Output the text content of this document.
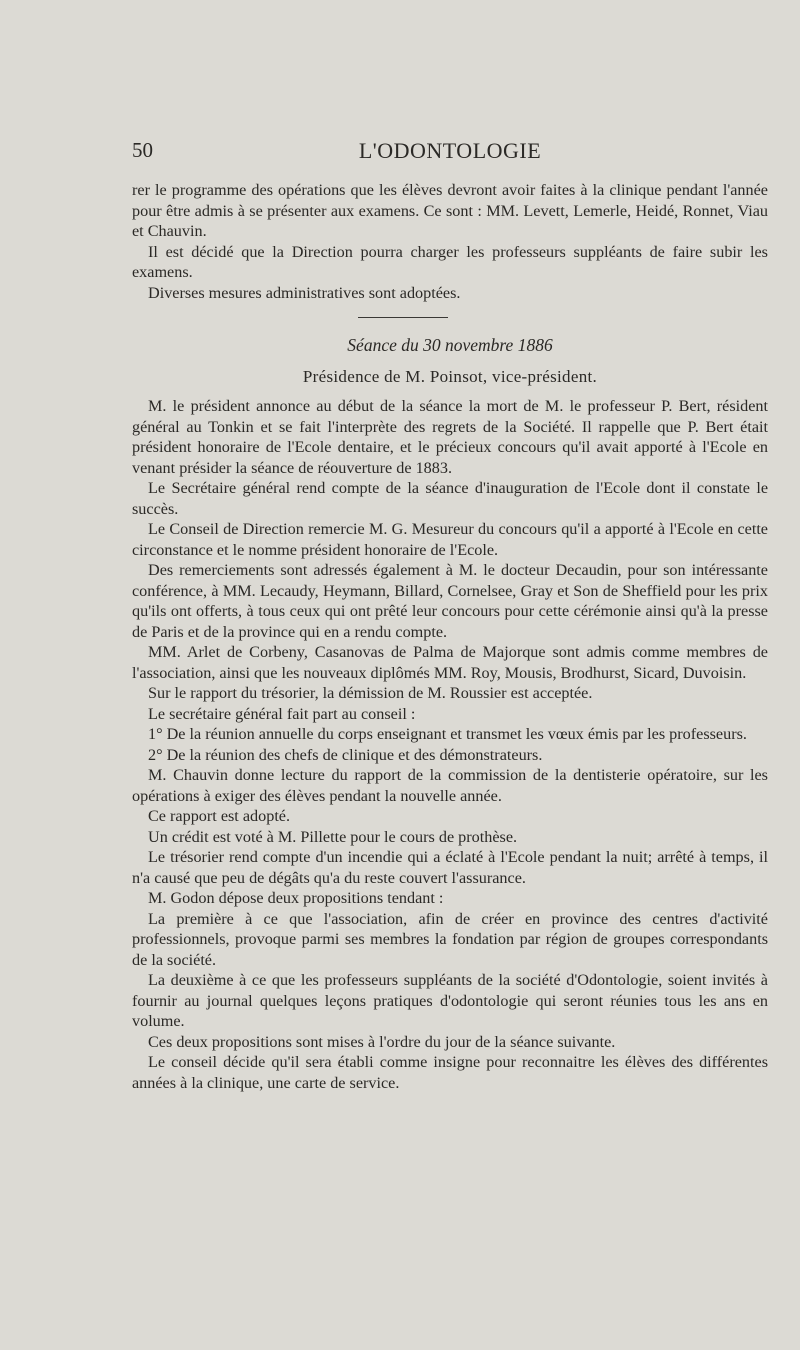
50	L'ODONTOLOGIE

rer le programme des opérations que les élèves devront avoir faites à la clinique pendant l'année pour être admis à se présenter aux examens. Ce sont : MM. Levett, Lemerle, Heidé, Ronnet, Viau et Chauvin.

Il est décidé que la Direction pourra charger les professeurs suppléants de faire subir les examens.

Diverses mesures administratives sont adoptées.

Séance du 30 novembre 1886
Présidence de M. Poinsot, vice-président.

M. le président annonce au début de la séance la mort de M. le professeur P. Bert, résident général au Tonkin et se fait l'interprète des regrets de la Société. Il rappelle que P. Bert était président honoraire de l'Ecole dentaire, et le précieux concours qu'il avait apporté à l'Ecole en venant présider la séance de réouverture de 1883.

Le Secrétaire général rend compte de la séance d'inauguration de l'Ecole dont il constate le succès.

Le Conseil de Direction remercie M. G. Mesureur du concours qu'il a apporté à l'Ecole en cette circonstance et le nomme président honoraire de l'Ecole.

Des remerciements sont adressés également à M. le docteur Decaudin, pour son intéressante conférence, à MM. Lecaudy, Heymann, Billard, Cornelsee, Gray et Son de Sheffield pour les prix qu'ils ont offerts, à tous ceux qui ont prêté leur concours pour cette cérémonie ainsi qu'à la presse de Paris et de la province qui en a rendu compte.

MM. Arlet de Corbeny, Casanovas de Palma de Majorque sont admis comme membres de l'association, ainsi que les nouveaux diplômés MM. Roy, Mousis, Brodhurst, Sicard, Duvoisin.

Sur le rapport du trésorier, la démission de M. Roussier est acceptée.

Le secrétaire général fait part au conseil :

1° De la réunion annuelle du corps enseignant et transmet les vœux émis par les professeurs.

2° De la réunion des chefs de clinique et des démonstrateurs.

M. Chauvin donne lecture du rapport de la commission de la dentisterie opératoire, sur les opérations à exiger des élèves pendant la nouvelle année.

Ce rapport est adopté.

Un crédit est voté à M. Pillette pour le cours de prothèse.

Le trésorier rend compte d'un incendie qui a éclaté à l'Ecole pendant la nuit; arrêté à temps, il n'a causé que peu de dégâts qu'a du reste couvert l'assurance.

M. Godon dépose deux propositions tendant :

La première à ce que l'association, afin de créer en province des centres d'activité professionnels, provoque parmi ses membres la fondation par région de groupes correspondants de la société.

La deuxième à ce que les professeurs suppléants de la société d'Odontologie, soient invités à fournir au journal quelques leçons pratiques d'odontologie qui seront réunies tous les ans en volume.

Ces deux propositions sont mises à l'ordre du jour de la séance suivante.

Le conseil décide qu'il sera établi comme insigne pour reconnaitre les élèves des différentes années à la clinique, une carte de service.
